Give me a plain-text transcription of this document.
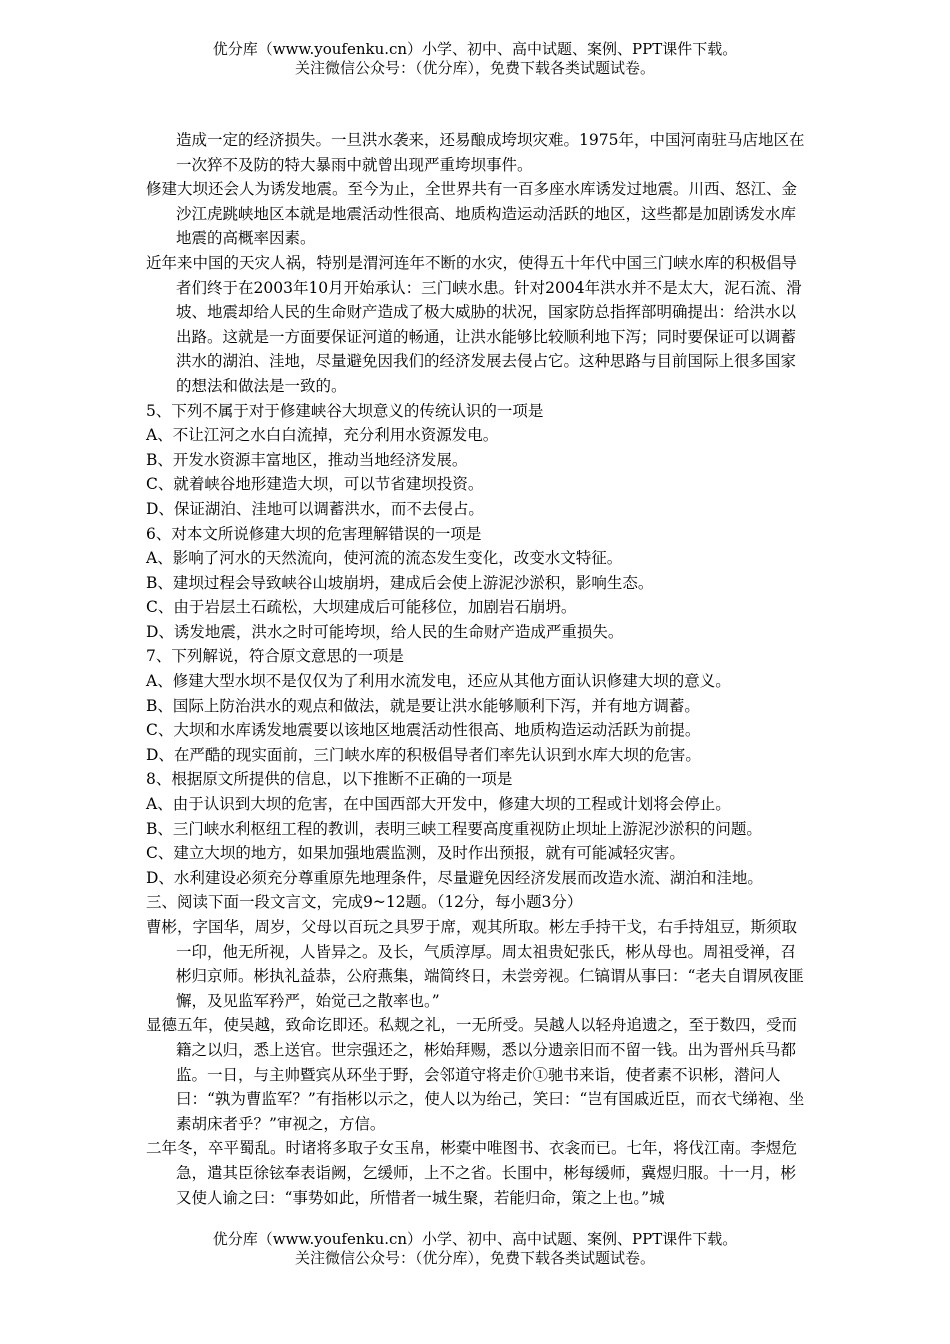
优分库（www.youfenku.cn）小学、初中、高中试题、案例、PPT课件下载。
关注微信公众号：（优分库），免费下载各类试题试卷。

造成一定的经济损失。一旦洪水袭来，还易酿成垮坝灾难。1975年，中国河南驻马店地区在一次猝不及防的特大暴雨中就曾出现严重垮坝事件。

修建大坝还会人为诱发地震。至今为止，全世界共有一百多座水库诱发过地震。川西、怒江、金沙江虎跳峡地区本就是地震活动性很高、地质构造运动活跃的地区，这些都是加剧诱发水库地震的高概率因素。

近年来中国的天灾人祸，特别是渭河连年不断的水灾，使得五十年代中国三门峡水库的积极倡导者们终于在2003年10月开始承认：三门峡水患。针对2004年洪水并不是太大，泥石流、滑坡、地震却给人民的生命财产造成了极大威胁的状况，国家防总指挥部明确提出：给洪水以出路。这就是一方面要保证河道的畅通，让洪水能够比较顺利地下泻；同时要保证可以调蓄洪水的湖泊、洼地，尽量避免因我们的经济发展去侵占它。这种思路与目前国际上很多国家的想法和做法是一致的。

5、下列不属于对于修建峡谷大坝意义的传统认识的一项是

A、不让江河之水白白流掉，充分利用水资源发电。

B、开发水资源丰富地区，推动当地经济发展。

C、就着峡谷地形建造大坝，可以节省建坝投资。

D、保证湖泊、洼地可以调蓄洪水，而不去侵占。

6、对本文所说修建大坝的危害理解错误的一项是

A、影响了河水的天然流向，使河流的流态发生变化，改变水文特征。

B、建坝过程会导致峡谷山坡崩坍，建成后会使上游泥沙淤积，影响生态。

C、由于岩层土石疏松，大坝建成后可能移位，加剧岩石崩坍。

D、诱发地震，洪水之时可能垮坝，给人民的生命财产造成严重损失。

7、下列解说，符合原文意思的一项是

A、修建大型水坝不是仅仅为了利用水流发电，还应从其他方面认识修建大坝的意义。

B、国际上防治洪水的观点和做法，就是要让洪水能够顺利下泻，并有地方调蓄。

C、大坝和水库诱发地震要以该地区地震活动性很高、地质构造运动活跃为前提。

D、在严酷的现实面前，三门峡水库的积极倡导者们率先认识到水库大坝的危害。

8、根据原文所提供的信息，以下推断不正确的一项是

A、由于认识到大坝的危害，在中国西部大开发中，修建大坝的工程或计划将会停止。

B、三门峡水利枢纽工程的教训，表明三峡工程要高度重视防止坝址上游泥沙淤积的问题。

C、建立大坝的地方，如果加强地震监测，及时作出预报，就有可能减轻灾害。

D、水利建设必须充分尊重原先地理条件，尽量避免因经济发展而改造水流、湖泊和洼地。

三、阅读下面一段文言文，完成9~12题。（12分，每小题3分）

曹彬，字国华，周岁，父母以百玩之具罗于席，观其所取。彬左手持干戈，右手持俎豆，斯须取一印，他无所视，人皆异之。及长，气质淳厚。周太祖贵妃张氏，彬从母也。周祖受禅，召彬归京师。彬执礼益恭，公府燕集，端简终日，未尝旁视。仁镐谓从事曰：“老夫自谓夙夜匪懈，及见监军矜严，始觉己之散率也。”

显德五年，使吴越，致命讫即还。私觌之礼，一无所受。吴越人以轻舟追遗之，至于数四，受而籍之以归，悉上送官。世宗强还之，彬始拜赐，悉以分遗亲旧而不留一钱。出为晋州兵马都监。一日，与主帅暨宾从环坐于野，会邻道守将走价①驰书来诣，使者素不识彬，潜问人曰：“孰为曹监军？”有指彬以示之，使人以为绐己，笑曰：“岂有国戚近臣，而衣弋绨袍、坐素胡床者乎？”审视之，方信。

二年冬，卒平蜀乱。时诸将多取子女玉帛，彬橐中唯图书、衣衾而已。七年，将伐江南。李煜危急，遣其臣徐铉奉表诣阙，乞缓师，上不之省。长围中，彬每缓师，冀煜归服。十一月，彬又使人谕之曰：“事势如此，所惜者一城生聚，若能归命，策之上也。”城

优分库（www.youfenku.cn）小学、初中、高中试题、案例、PPT课件下载。
关注微信公众号：（优分库），免费下载各类试题试卷。
